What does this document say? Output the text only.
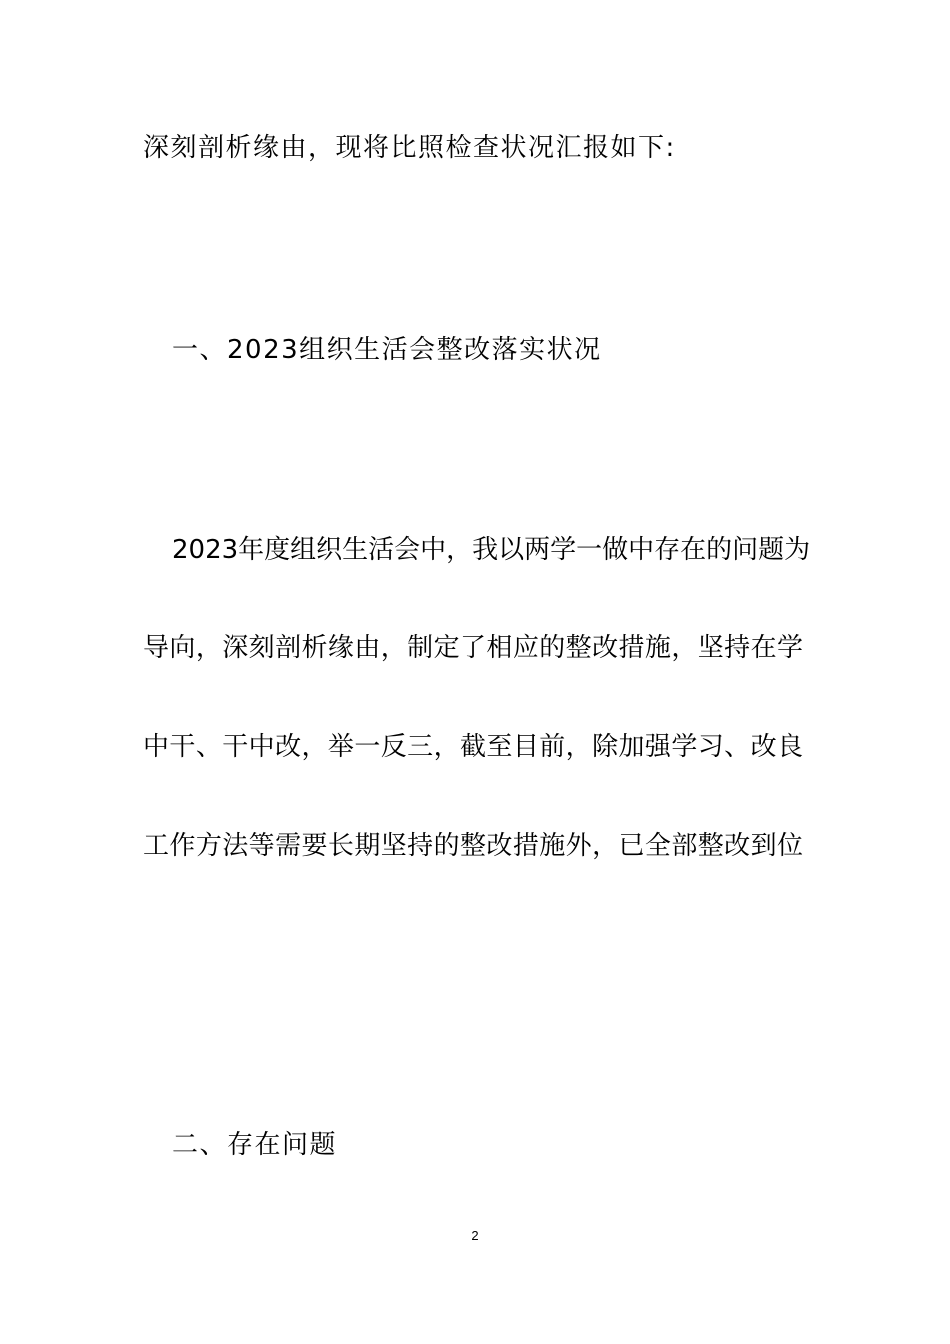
深刻剖析缘由，现将比照检查状况汇报如下:
一、2023组织生活会整改落实状况
2023年度组织生活会中，我以两学一做中存在的问题为
导向，深刻剖析缘由，制定了相应的整改措施，坚持在学
中干、干中改，举一反三，截至目前，除加强学习、改良
工作方法等需要长期坚持的整改措施外，已全部整改到位
二、存在问题
2
